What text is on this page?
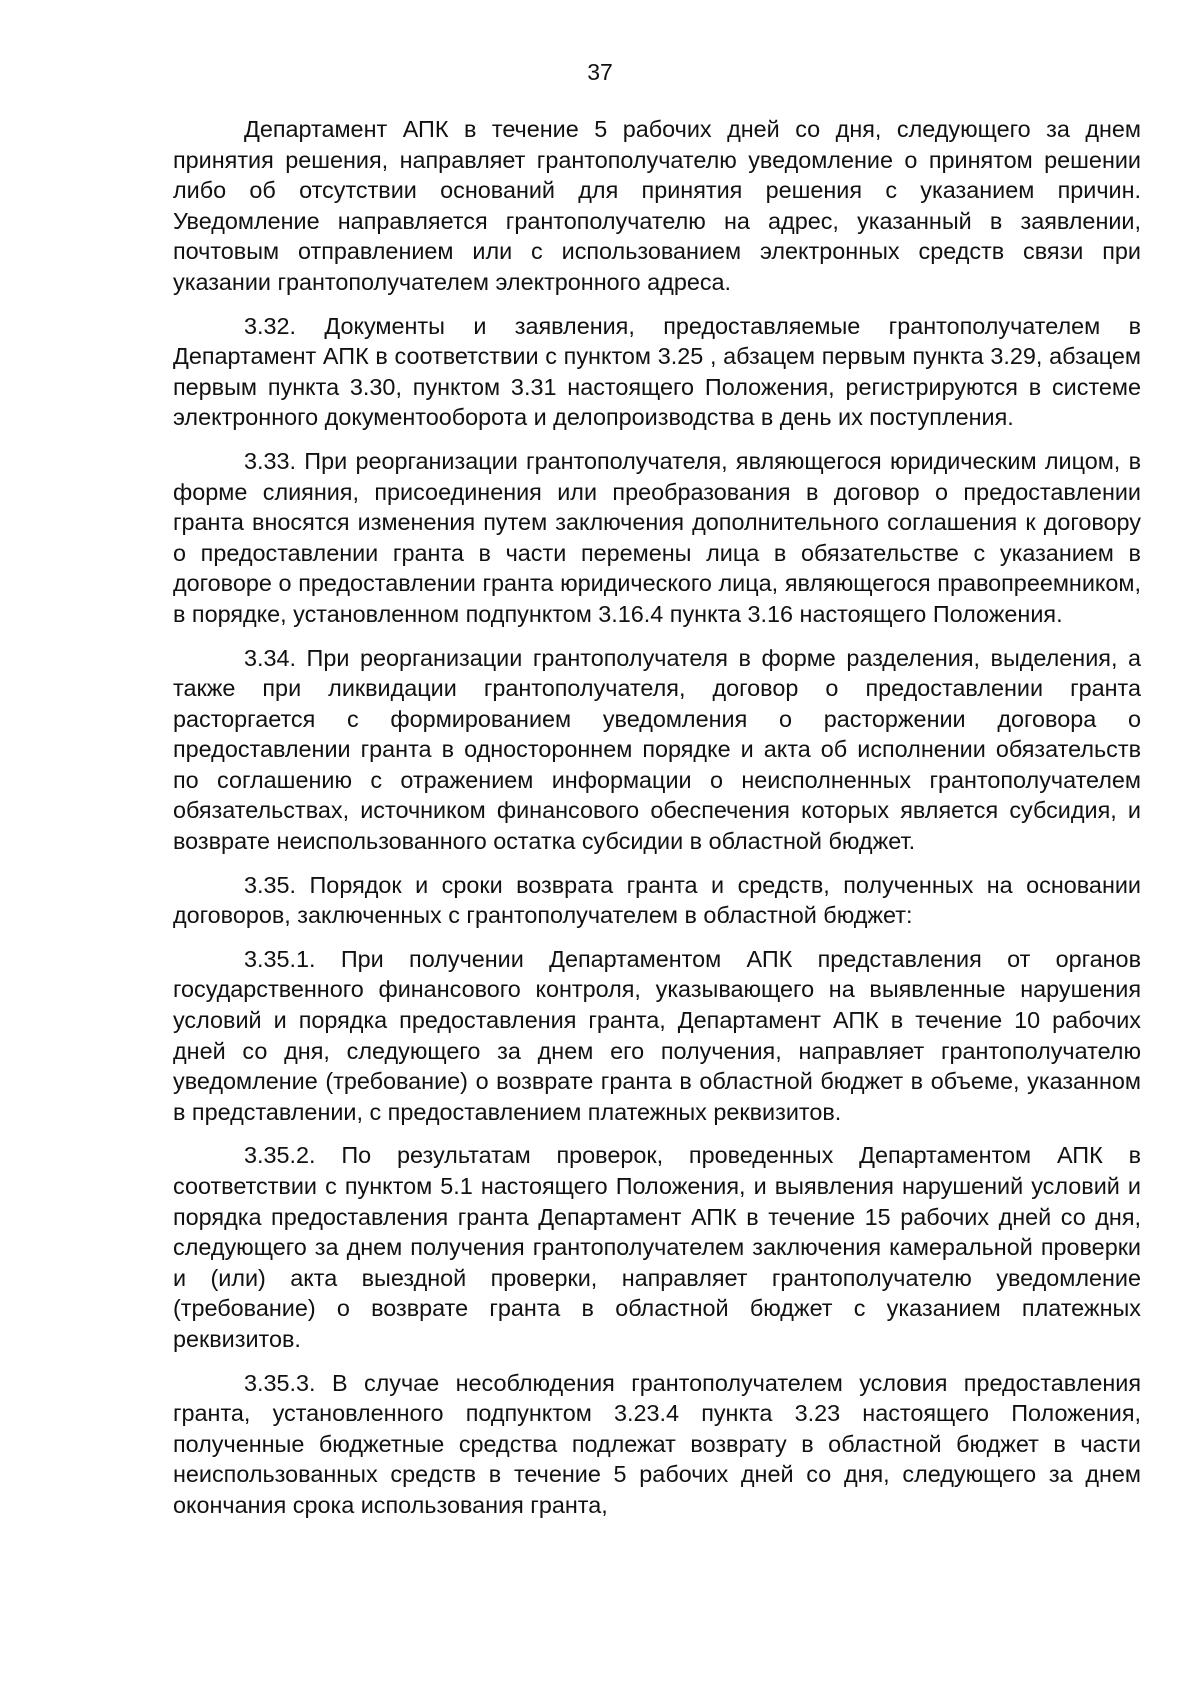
37

Департамент АПК в течение 5 рабочих дней со дня, следующего за днем принятия решения, направляет грантополучателю уведомление о принятом решении либо об отсутствии оснований для принятия решения с указанием причин. Уведомление направляется грантополучателю на адрес, указанный в заявлении, почтовым отправлением или с использованием электронных средств связи при указании грантополучателем электронного адреса.

3.32. Документы и заявления, предоставляемые грантополучателем в Департамент АПК в соответствии с пунктом 3.25 , абзацем первым пункта 3.29, абзацем первым пункта 3.30, пунктом 3.31 настоящего Положения, регистрируются в системе электронного документооборота и делопроизводства в день их поступления.

3.33. При реорганизации грантополучателя, являющегося юридическим лицом, в форме слияния, присоединения или преобразования в договор о предоставлении гранта вносятся изменения путем заключения дополнительного соглашения к договору о предоставлении гранта в части перемены лица в обязательстве с указанием в договоре о предоставлении гранта юридического лица, являющегося правопреемником, в порядке, установленном подпунктом 3.16.4 пункта 3.16 настоящего Положения.

3.34. При реорганизации грантополучателя в форме разделения, выделения, а также при ликвидации грантополучателя, договор о предоставлении гранта расторгается с формированием уведомления о расторжении договора о предоставлении гранта в одностороннем порядке и акта об исполнении обязательств по соглашению с отражением информации о неисполненных грантополучателем обязательствах, источником финансового обеспечения которых является субсидия, и возврате неиспользованного остатка субсидии в областной бюджет.

3.35. Порядок и сроки возврата гранта и средств, полученных на основании договоров, заключенных с грантополучателем в областной бюджет:

3.35.1. При получении Департаментом АПК представления от органов государственного финансового контроля, указывающего на выявленные нарушения условий и порядка предоставления гранта, Департамент АПК в течение 10 рабочих дней со дня, следующего за днем его получения, направляет грантополучателю уведомление (требование) о возврате гранта в областной бюджет в объеме, указанном в представлении, с предоставлением платежных реквизитов.

3.35.2. По результатам проверок, проведенных Департаментом АПК в соответствии с пунктом 5.1 настоящего Положения, и выявления нарушений условий и порядка предоставления гранта Департамент АПК в течение 15 рабочих дней со дня, следующего за днем получения грантополучателем заключения камеральной проверки и (или) акта выездной проверки, направляет грантополучателю уведомление (требование) о возврате гранта в областной бюджет с указанием платежных реквизитов.

3.35.3. В случае несоблюдения грантополучателем условия предоставления гранта, установленного подпунктом 3.23.4 пункта 3.23 настоящего Положения, полученные бюджетные средства подлежат возврату в областной бюджет в части неиспользованных средств в течение 5 рабочих дней со дня, следующего за днем окончания срока использования гранта,
